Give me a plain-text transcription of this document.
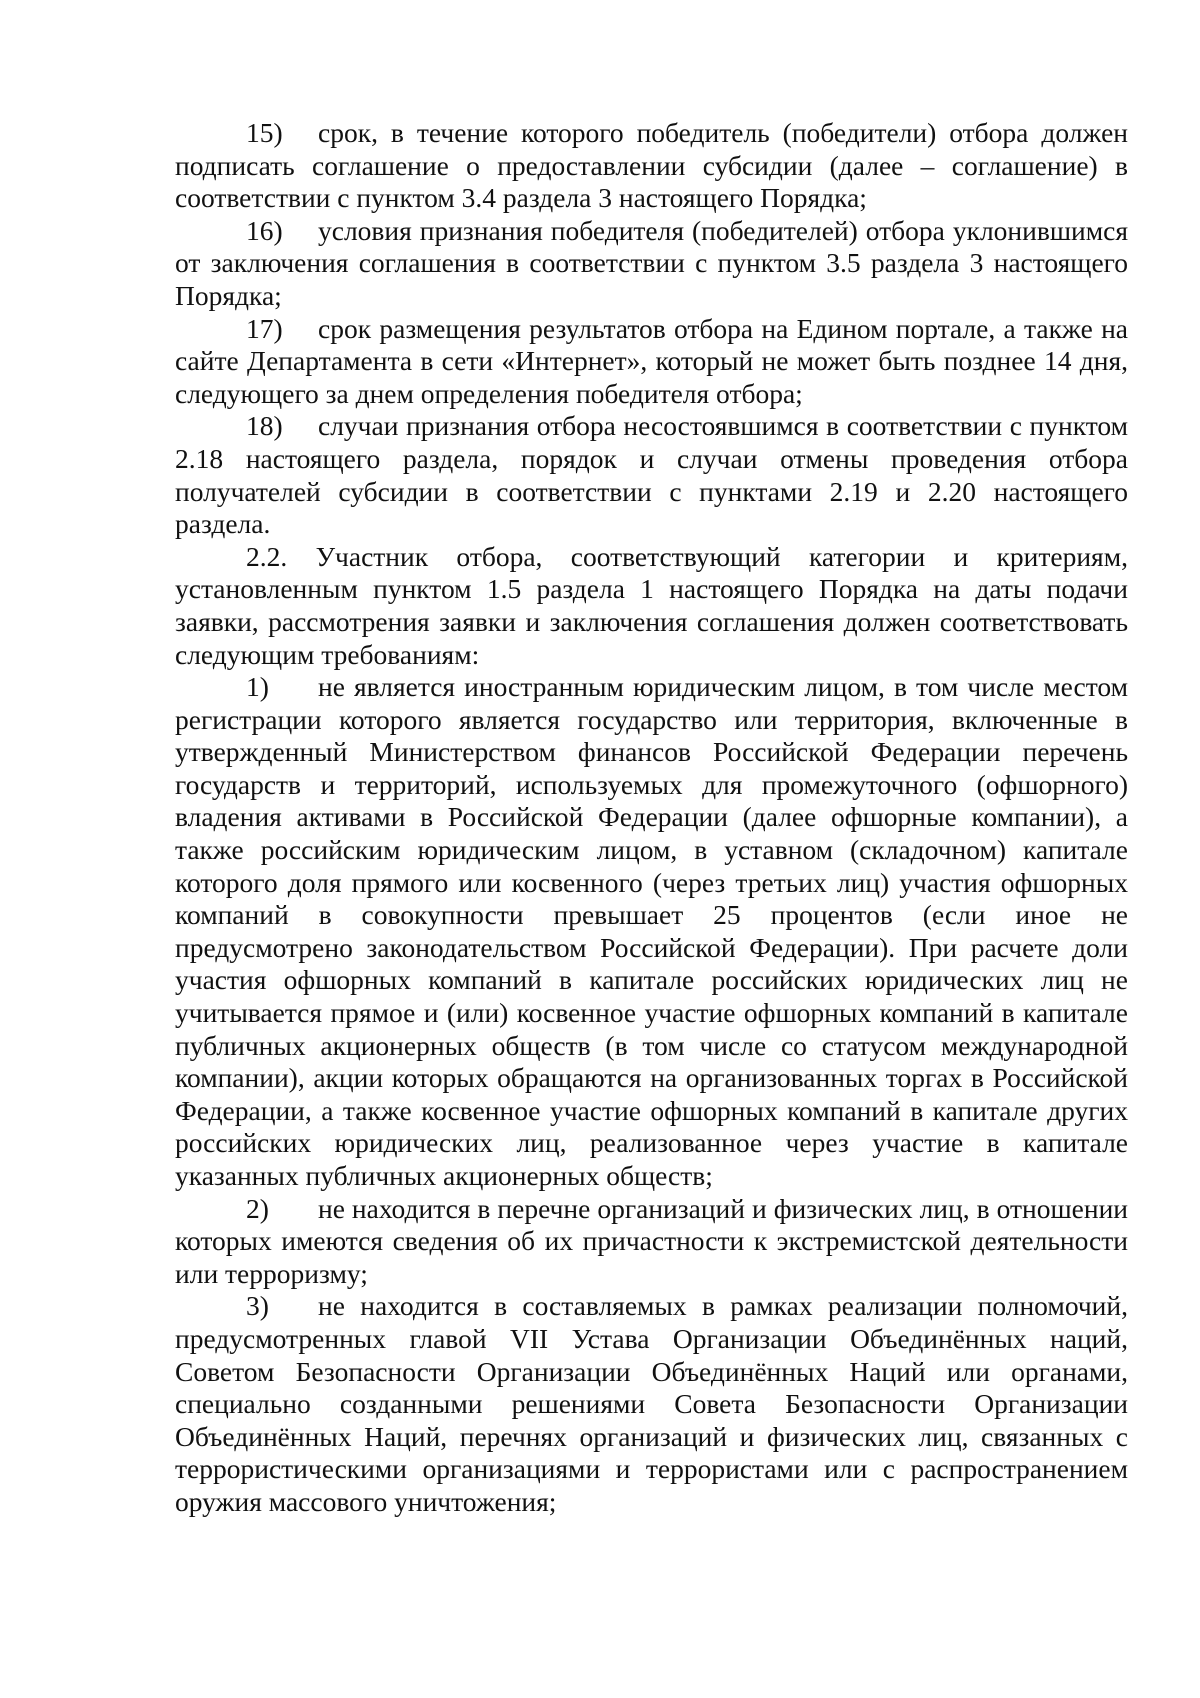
15) срок, в течение которого победитель (победители) отбора должен подписать соглашение о предоставлении субсидии (далее – соглашение) в соответствии с пунктом 3.4 раздела 3 настоящего Порядка;

16) условия признания победителя (победителей) отбора уклонившимся от заключения соглашения в соответствии с пунктом 3.5 раздела 3 настоящего Порядка;

17) срок размещения результатов отбора на Едином портале, а также на сайте Департамента в сети «Интернет», который не может быть позднее 14 дня, следующего за днем определения победителя отбора;

18) случаи признания отбора несостоявшимся в соответствии с пунктом 2.18 настоящего раздела, порядок и случаи отмены проведения отбора получателей субсидии в соответствии с пунктами 2.19 и 2.20 настоящего раздела.

2.2. Участник отбора, соответствующий категории и критериям, установленным пунктом 1.5 раздела 1 настоящего Порядка на даты подачи заявки, рассмотрения заявки и заключения соглашения должен соответствовать следующим требованиям:

1) не является иностранным юридическим лицом, в том числе местом регистрации которого является государство или территория, включенные в утвержденный Министерством финансов Российской Федерации перечень государств и территорий, используемых для промежуточного (офшорного) владения активами в Российской Федерации (далее офшорные компании), а также российским юридическим лицом, в уставном (складочном) капитале которого доля прямого или косвенного (через третьих лиц) участия офшорных компаний в совокупности превышает 25 процентов (если иное не предусмотрено законодательством Российской Федерации). При расчете доли участия офшорных компаний в капитале российских юридических лиц не учитывается прямое и (или) косвенное участие офшорных компаний в капитале публичных акционерных обществ (в том числе со статусом международной компании), акции которых обращаются на организованных торгах в Российской Федерации, а также косвенное участие офшорных компаний в капитале других российских юридических лиц, реализованное через участие в капитале указанных публичных акционерных обществ;

2) не находится в перечне организаций и физических лиц, в отношении которых имеются сведения об их причастности к экстремистской деятельности или терроризму;

3) не находится в составляемых в рамках реализации полномочий, предусмотренных главой VII Устава Организации Объединённых наций, Советом Безопасности Организации Объединённых Наций или органами, специально созданными решениями Совета Безопасности Организации Объединённых Наций, перечнях организаций и физических лиц, связанных с террористическими организациями и террористами или с распространением оружия массового уничтожения;
